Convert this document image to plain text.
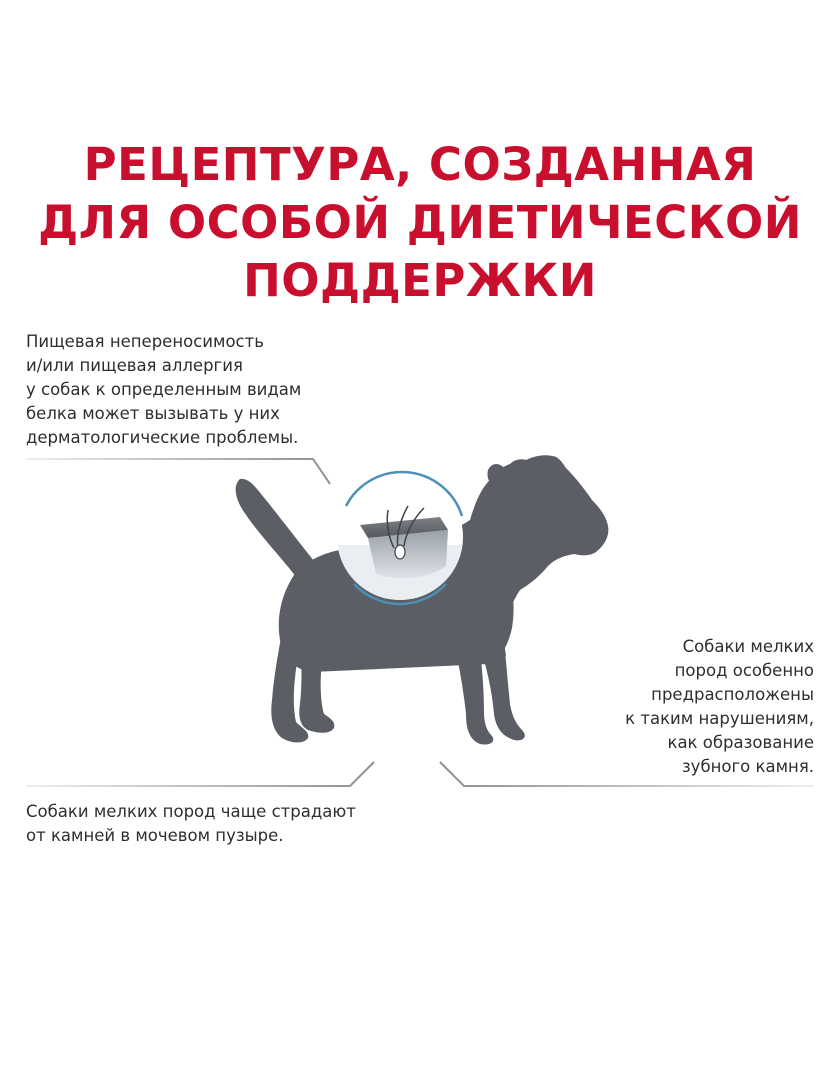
РЕЦЕПТУРА, СОЗДАННАЯ
ДЛЯ ОСОБОЙ ДИЕТИЧЕСКОЙ
ПОДДЕРЖКИ

Пищевая непереносимость
и/или пищевая аллергия
у собак к определенным видам
белка может вызывать у них
дерматологические проблемы.

Собаки мелких
пород особенно
предрасположены
к таким нарушениям,
как образование
зубного камня.

Собаки мелких пород чаще страдают
от камней в мочевом пузыре.
